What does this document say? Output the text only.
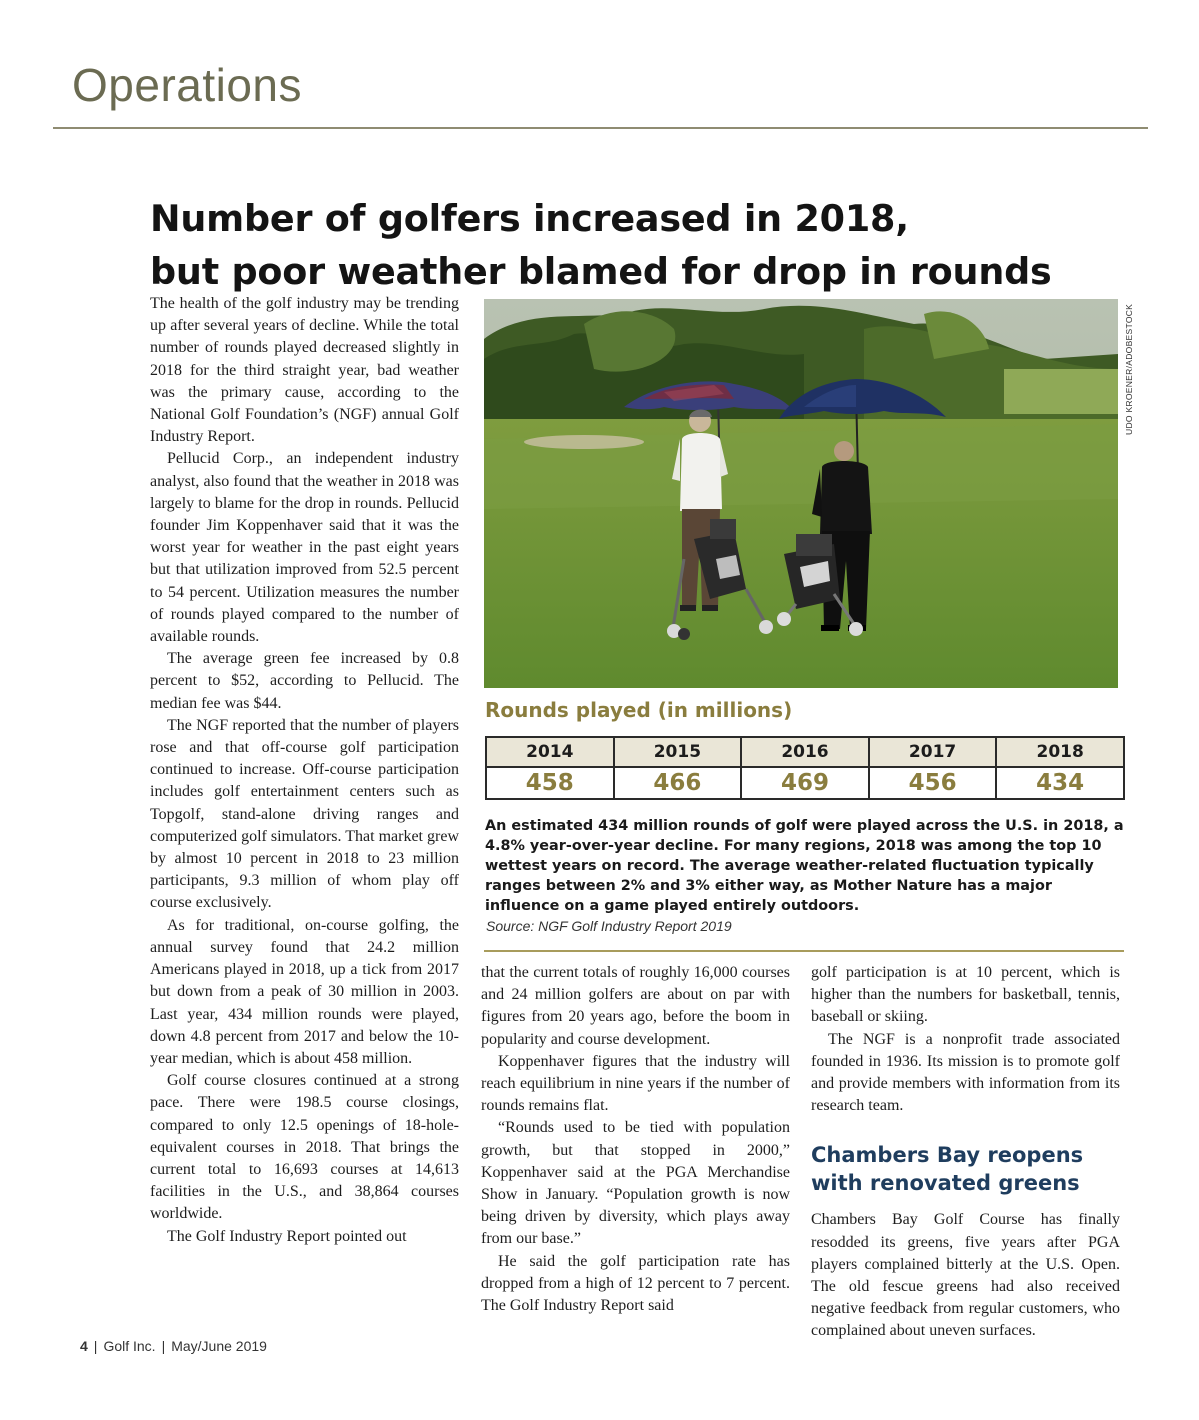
Operations
Number of golfers increased in 2018,
but poor weather blamed for drop in rounds

The health of the golf industry may be trending up after several years of decline. While the total number of rounds played decreased slightly in 2018 for the third straight year, bad weather was the primary cause, according to the National Golf Foundation’s (NGF) annual Golf Industry Report.

Pellucid Corp., an independent industry analyst, also found that the weather in 2018 was largely to blame for the drop in rounds. Pellucid founder Jim Koppenhaver said that it was the worst year for weather in the past eight years but that utilization improved from 52.5 percent to 54 percent. Utilization measures the number of rounds played compared to the number of available rounds.

The average green fee increased by 0.8 percent to $52, according to Pellucid. The median fee was $44.

The NGF reported that the number of players rose and that off-course golf participation continued to increase. Off-course participation includes golf entertainment centers such as Topgolf, stand-alone driving ranges and computerized golf simulators. That market grew by almost 10 percent in 2018 to 23 million participants, 9.3 million of whom play off course exclusively.

As for traditional, on-course golfing, the annual survey found that 24.2 million Americans played in 2018, up a tick from 2017 but down from a peak of 30 million in 2003. Last year, 434 million rounds were played, down 4.8 percent from 2017 and below the 10-year median, which is about 458 million.

Golf course closures continued at a strong pace. There were 198.5 course closings, compared to only 12.5 openings of 18-hole-equivalent courses in 2018. That brings the current total to 16,693 courses at 14,613 facilities in the U.S., and 38,864 courses worldwide.

The Golf Industry Report pointed out

UDO KROENER/ADOBESTOCK
Rounds played (in millions)
2014	2015	2016	2017	2018
458	466	469	456	434

An estimated 434 million rounds of golf were played across the U.S. in 2018, a 4.8% year-over-year decline. For many regions, 2018 was among the top 10 wettest years on record. The average weather-related fluctuation typically ranges between 2% and 3% either way, as Mother Nature has a major influence on a game played entirely outdoors.

Source: NGF Golf Industry Report 2019

that the current totals of roughly 16,000 courses and 24 million golfers are about on par with figures from 20 years ago, before the boom in popularity and course development.

Koppenhaver figures that the industry will reach equilibrium in nine years if the number of rounds remains flat.

“Rounds used to be tied with population growth, but that stopped in 2000,” Koppenhaver said at the PGA Merchandise Show in January. “Population growth is now being driven by diversity, which plays away from our base.”

He said the golf participation rate has dropped from a high of 12 percent to 7 percent. The Golf Industry Report said

golf participation is at 10 percent, which is higher than the numbers for basketball, tennis, baseball or skiing.

The NGF is a nonprofit trade associated founded in 1936. Its mission is to promote golf and provide members with information from its research team.

Chambers Bay reopens with renovated greens

Chambers Bay Golf Course has finally resodded its greens, five years after PGA players complained bitterly at the U.S. Open. The old fescue greens had also received negative feedback from regular customers, who complained about uneven surfaces.

4 | Golf Inc. | May/June 2019
